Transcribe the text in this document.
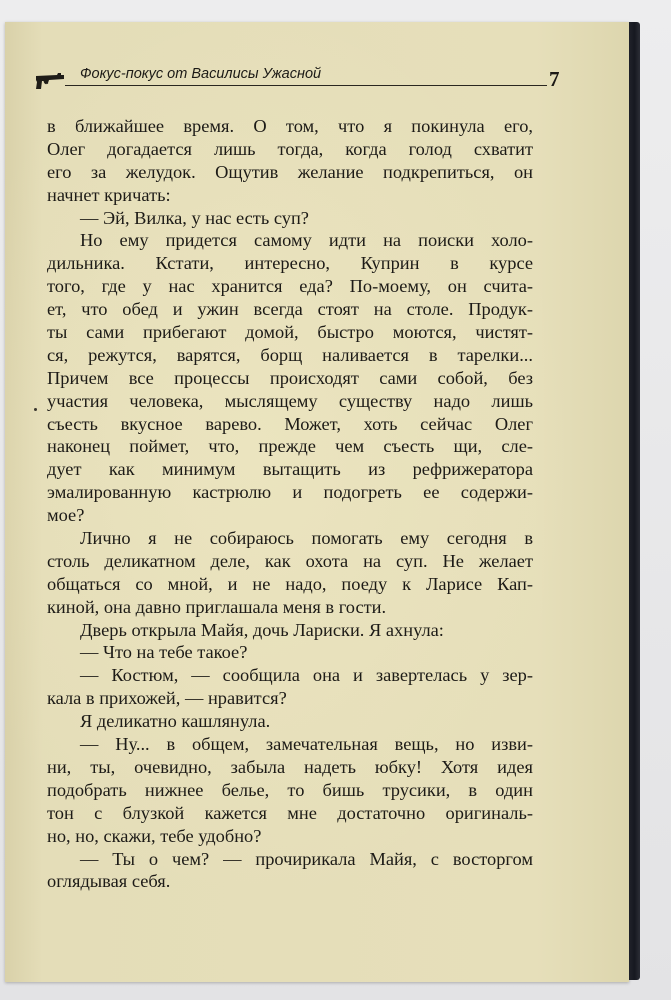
Фокус-покус от Василисы Ужасной	7
в ближайшее время. О том, что я покинула его,
Олег догадается лишь тогда, когда голод схватит
его за желудок. Ощутив желание подкрепиться, он
начнет кричать:
— Эй, Вилка, у нас есть суп?
Но ему придется самому идти на поиски холо-
дильника. Кстати, интересно, Куприн в курсе
того, где у нас хранится еда? По-моему, он счита-
ет, что обед и ужин всегда стоят на столе. Продук-
ты сами прибегают домой, быстро моются, чистят-
ся, режутся, варятся, борщ наливается в тарелки...
Причем все процессы происходят сами собой, без
участия человека, мыслящему существу надо лишь
съесть вкусное варево. Может, хоть сейчас Олег
наконец поймет, что, прежде чем съесть щи, сле-
дует как минимум вытащить из рефрижератора
эмалированную кастрюлю и подогреть ее содержи-
мое?
Лично я не собираюсь помогать ему сегодня в
столь деликатном деле, как охота на суп. Не желает
общаться со мной, и не надо, поеду к Ларисе Кап-
киной, она давно приглашала меня в гости.
Дверь открыла Майя, дочь Лариски. Я ахнула:
— Что на тебе такое?
— Костюм, — сообщила она и завертелась у зер-
кала в прихожей, — нравится?
Я деликатно кашлянула.
— Ну... в общем, замечательная вещь, но изви-
ни, ты, очевидно, забыла надеть юбку! Хотя идея
подобрать нижнее белье, то бишь трусики, в один
тон с блузкой кажется мне достаточно оригиналь-
но, но, скажи, тебе удобно?
— Ты о чем? — прочирикала Майя, с восторгом
оглядывая себя.
